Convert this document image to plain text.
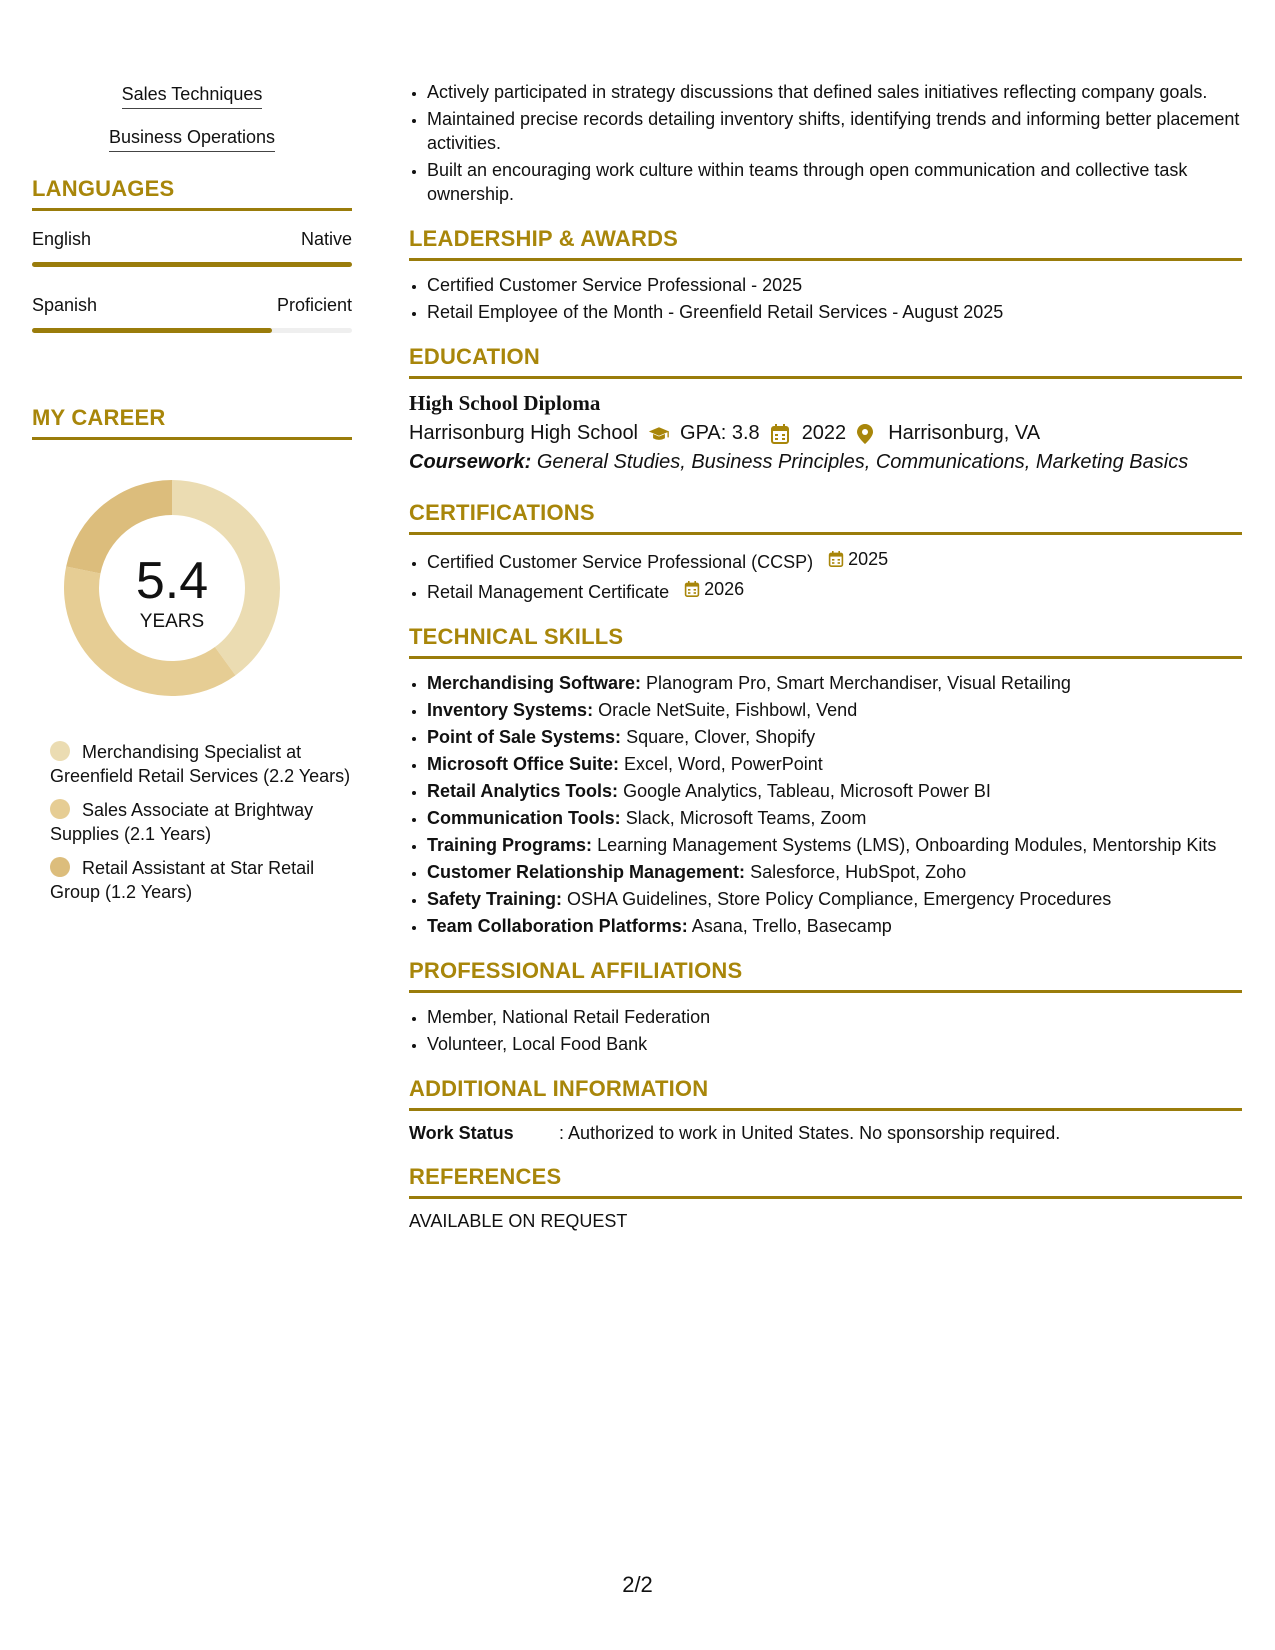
Sales Techniques
Business Operations
LANGUAGES
English	Native
Spanish	Proficient
MY CAREER
5.4
YEARS
Merchandising Specialist at Greenfield Retail Services (2.2 Years)
Sales Associate at Brightway Supplies (2.1 Years)
Retail Assistant at Star Retail Group (1.2 Years)
• Actively participated in strategy discussions that defined sales initiatives reflecting company goals.
• Maintained precise records detailing inventory shifts, identifying trends and informing better placement activities.
• Built an encouraging work culture within teams through open communication and collective task ownership.
LEADERSHIP & AWARDS
• Certified Customer Service Professional - 2025
• Retail Employee of the Month - Greenfield Retail Services - August 2025
EDUCATION
High School Diploma
Harrisonburg High School GPA: 3.8 2022 Harrisonburg, VA
Coursework: General Studies, Business Principles, Communications, Marketing Basics
CERTIFICATIONS
• Certified Customer Service Professional (CCSP) 2025
• Retail Management Certificate 2026
TECHNICAL SKILLS
• Merchandising Software: Planogram Pro, Smart Merchandiser, Visual Retailing
• Inventory Systems: Oracle NetSuite, Fishbowl, Vend
• Point of Sale Systems: Square, Clover, Shopify
• Microsoft Office Suite: Excel, Word, PowerPoint
• Retail Analytics Tools: Google Analytics, Tableau, Microsoft Power BI
• Communication Tools: Slack, Microsoft Teams, Zoom
• Training Programs: Learning Management Systems (LMS), Onboarding Modules, Mentorship Kits
• Customer Relationship Management: Salesforce, HubSpot, Zoho
• Safety Training: OSHA Guidelines, Store Policy Compliance, Emergency Procedures
• Team Collaboration Platforms: Asana, Trello, Basecamp
PROFESSIONAL AFFILIATIONS
• Member, National Retail Federation
• Volunteer, Local Food Bank
ADDITIONAL INFORMATION
Work Status	: Authorized to work in United States. No sponsorship required.
REFERENCES
AVAILABLE ON REQUEST
2/2
